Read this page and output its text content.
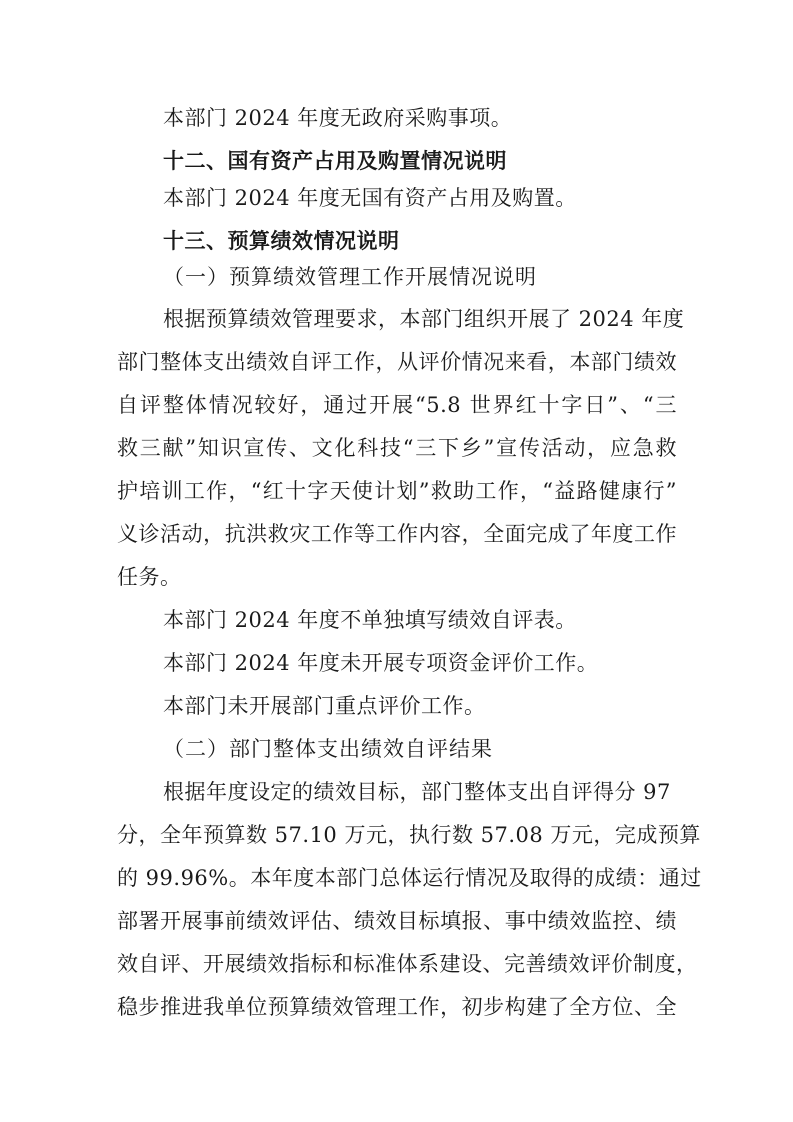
本部门 2024 年度无政府采购事项。
十二、国有资产占用及购置情况说明
本部门 2024 年度无国有资产占用及购置。
十三、预算绩效情况说明
（一）预算绩效管理工作开展情况说明
根据预算绩效管理要求，本部门组织开展了 2024 年度
部门整体支出绩效自评工作，从评价情况来看，本部门绩效
自评整体情况较好，通过开展“5.8 世界红十字日”、“三
救三献”知识宣传、文化科技“三下乡”宣传活动，应急救
护培训工作，“红十字天使计划”救助工作，“益路健康行”
义诊活动，抗洪救灾工作等工作内容，全面完成了年度工作
任务。
本部门 2024 年度不单独填写绩效自评表。
本部门 2024 年度未开展专项资金评价工作。
本部门未开展部门重点评价工作。
（二）部门整体支出绩效自评结果
根据年度设定的绩效目标，部门整体支出自评得分 97
分，全年预算数 57.10 万元，执行数 57.08 万元，完成预算
的 99.96%。本年度本部门总体运行情况及取得的成绩：通过
部署开展事前绩效评估、绩效目标填报、事中绩效监控、绩
效自评、开展绩效指标和标准体系建设、完善绩效评价制度，
稳步推进我单位预算绩效管理工作，初步构建了全方位、全
